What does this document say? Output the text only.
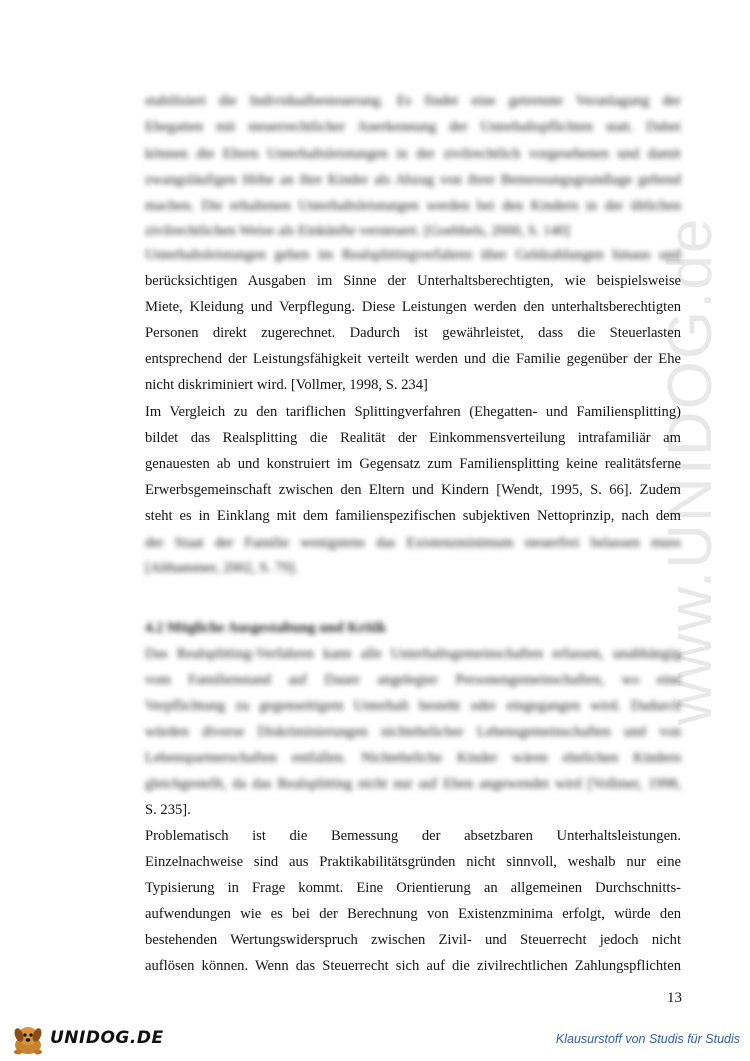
www.UNIDOG.de
stabilisiert die Individualbesteuerung. Es findet eine getrennte Veranlagung der
Ehegatten mit steuerrechtlicher Anerkennung der Unterhaltspflichten statt. Dabei
können die Eltern Unterhaltsleistungen in der zivilrechtlich vorgesehenen und damit
zwangsläufigen Höhe an ihre Kinder als Abzug von ihrer Bemessungsgrundlage geltend
machen. Die erhaltenen Unterhaltsleistungen werden bei den Kindern in der üblichen
zivilrechtlichen Weise als Einkünfte versteuert. [Goebbels, 2000, S. 140]
Unterhaltsleistungen gehen im Realsplittingverfahren über Geldzahlungen hinaus und
berücksichtigen Ausgaben im Sinne der Unterhaltsberechtigten, wie beispielsweise
Miete, Kleidung und Verpflegung. Diese Leistungen werden den unterhaltsberechtigten
Personen direkt zugerechnet. Dadurch ist gewährleistet, dass die Steuerlasten
entsprechend der Leistungsfähigkeit verteilt werden und die Familie gegenüber der Ehe
nicht diskriminiert wird. [Vollmer, 1998, S. 234]
Im Vergleich zu den tariflichen Splittingverfahren (Ehegatten- und Familiensplitting)
bildet das Realsplitting die Realität der Einkommensverteilung intrafamiliär am
genauesten ab und konstruiert im Gegensatz zum Familiensplitting keine realitätsferne
Erwerbsgemeinschaft zwischen den Eltern und Kindern [Wendt, 1995, S. 66]. Zudem
steht es in Einklang mit dem familienspezifischen subjektiven Nettoprinzip, nach dem
der Staat der Familie wenigstens das Existenzminimum steuerfrei belassen muss
[Althammer, 2002, S. 79].
4.2 Mögliche Ausgestaltung und Kritik
Das Realsplitting-Verfahren kann alle Unterhaltsgemeinschaften erfassen, unabhängig
vom Familienstand auf Dauer angelegter Personengemeinschaften, wo eine
Verpflichtung zu gegenseitigem Unterhalt besteht oder eingegangen wird. Dadurch
würden diverse Diskriminierungen nichtehelicher Lebensgemeinschaften und von
Lebenspartnerschaften entfallen. Nichteheliche Kinder wären ehelichen Kindern
gleichgestellt, da das Realsplitting nicht nur auf Ehen angewendet wird [Vollmer, 1998,
S. 235].
Problematisch ist die Bemessung der absetzbaren Unterhaltsleistungen.
Einzelnachweise sind aus Praktikabilitätsgründen nicht sinnvoll, weshalb nur eine
Typisierung in Frage kommt. Eine Orientierung an allgemeinen Durchschnitts-
aufwendungen wie es bei der Berechnung von Existenzminima erfolgt, würde den
bestehenden Wertungswiderspruch zwischen Zivil- und Steuerrecht jedoch nicht
auflösen können. Wenn das Steuerrecht sich auf die zivilrechtlichen Zahlungspflichten
13
UNIDOG.DE	Klausurstoff von Studis für Studis
